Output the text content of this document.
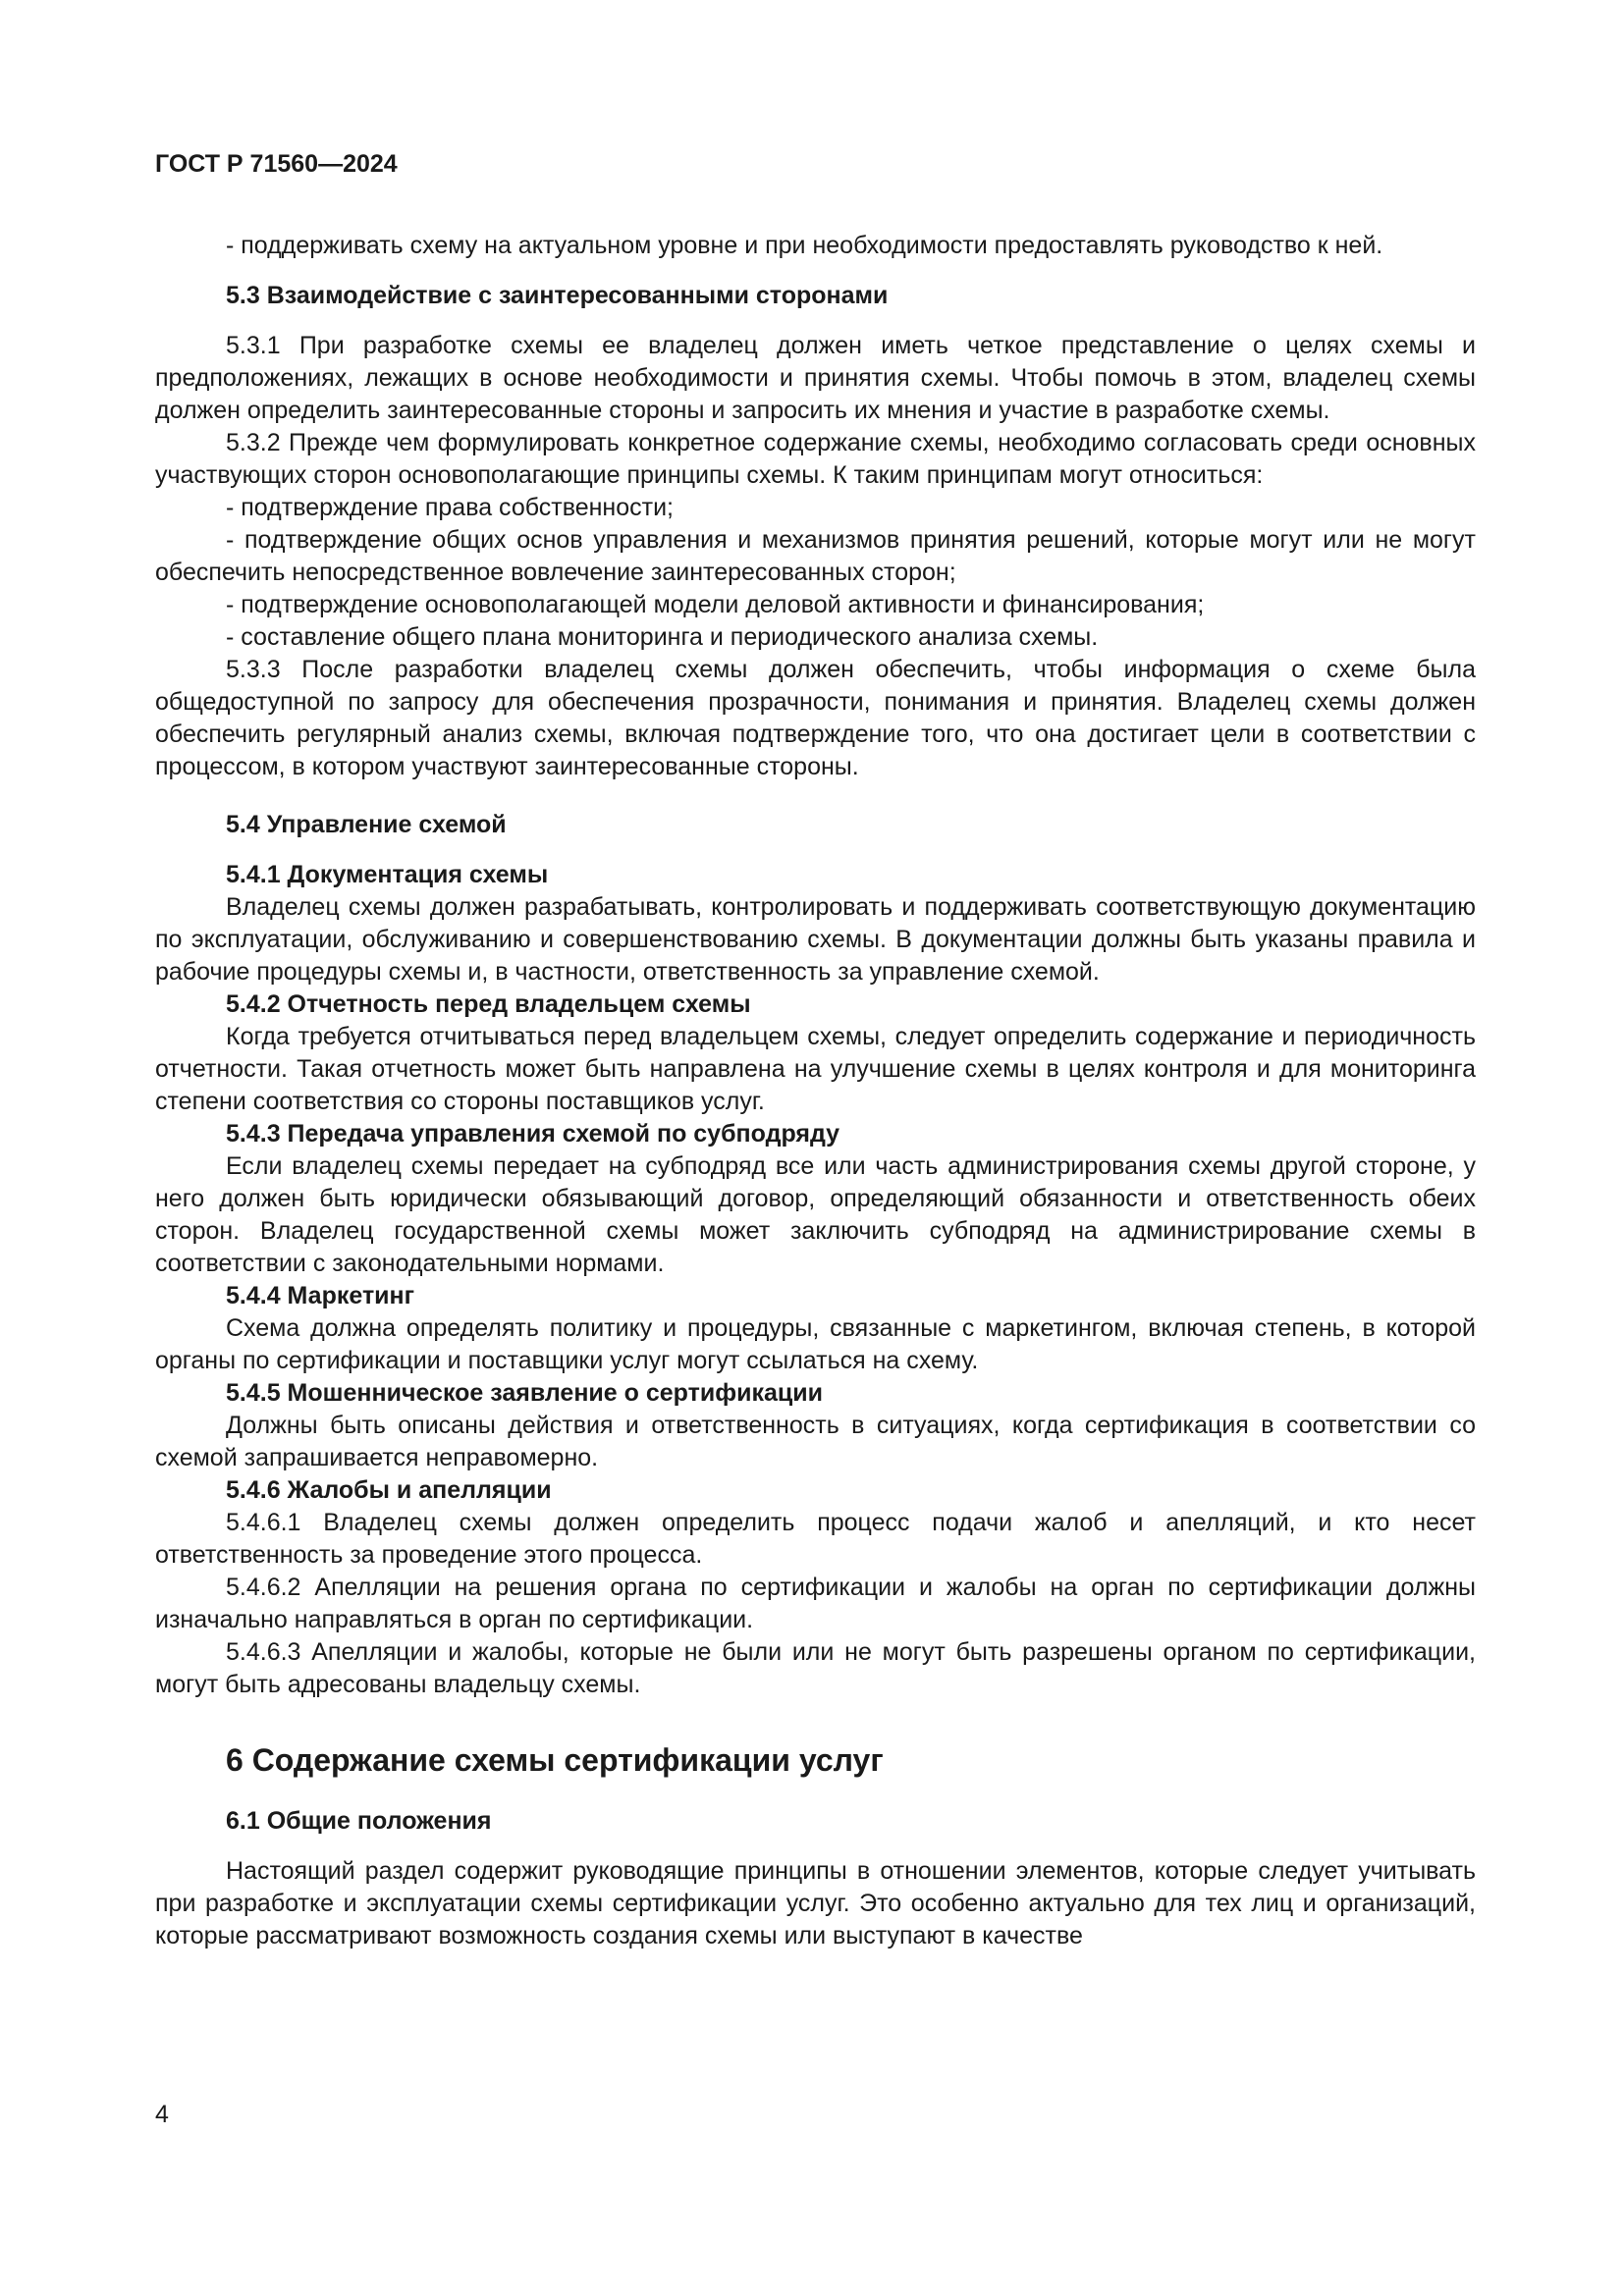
ГОСТ Р 71560—2024

- поддерживать схему на актуальном уровне и при необходимости предоставлять руководство к ней.

5.3 Взаимодействие с заинтересованными сторонами

5.3.1 При разработке схемы ее владелец должен иметь четкое представление о целях схемы и предположениях, лежащих в основе необходимости и принятия схемы. Чтобы помочь в этом, владелец схемы должен определить заинтересованные стороны и запросить их мнения и участие в разработке схемы.

5.3.2 Прежде чем формулировать конкретное содержание схемы, необходимо согласовать среди основных участвующих сторон основополагающие принципы схемы. К таким принципам могут относиться:

- подтверждение права собственности;

- подтверждение общих основ управления и механизмов принятия решений, которые могут или не могут обеспечить непосредственное вовлечение заинтересованных сторон;

- подтверждение основополагающей модели деловой активности и финансирования;

- составление общего плана мониторинга и периодического анализа схемы.

5.3.3 После разработки владелец схемы должен обеспечить, чтобы информация о схеме была общедоступной по запросу для обеспечения прозрачности, понимания и принятия. Владелец схемы должен обеспечить регулярный анализ схемы, включая подтверждение того, что она достигает цели в соответствии с процессом, в котором участвуют заинтересованные стороны.

5.4 Управление схемой
5.4.1 Документация схемы

Владелец схемы должен разрабатывать, контролировать и поддерживать соответствующую документацию по эксплуатации, обслуживанию и совершенствованию схемы. В документации должны быть указаны правила и рабочие процедуры схемы и, в частности, ответственность за управление схемой.

5.4.2 Отчетность перед владельцем схемы

Когда требуется отчитываться перед владельцем схемы, следует определить содержание и периодичность отчетности. Такая отчетность может быть направлена на улучшение схемы в целях контроля и для мониторинга степени соответствия со стороны поставщиков услуг.

5.4.3 Передача управления схемой по субподряду

Если владелец схемы передает на субподряд все или часть администрирования схемы другой стороне, у него должен быть юридически обязывающий договор, определяющий обязанности и ответственность обеих сторон. Владелец государственной схемы может заключить субподряд на администрирование схемы в соответствии с законодательными нормами.

5.4.4 Маркетинг

Схема должна определять политику и процедуры, связанные с маркетингом, включая степень, в которой органы по сертификации и поставщики услуг могут ссылаться на схему.

5.4.5 Мошенническое заявление о сертификации

Должны быть описаны действия и ответственность в ситуациях, когда сертификация в соответствии со схемой запрашивается неправомерно.

5.4.6 Жалобы и апелляции

5.4.6.1 Владелец схемы должен определить процесс подачи жалоб и апелляций, и кто несет ответственность за проведение этого процесса.

5.4.6.2 Апелляции на решения органа по сертификации и жалобы на орган по сертификации должны изначально направляться в орган по сертификации.

5.4.6.3 Апелляции и жалобы, которые не были или не могут быть разрешены органом по сертификации, могут быть адресованы владельцу схемы.

6 Содержание схемы сертификации услуг
6.1 Общие положения

Настоящий раздел содержит руководящие принципы в отношении элементов, которые следует учитывать при разработке и эксплуатации схемы сертификации услуг. Это особенно актуально для тех лиц и организаций, которые рассматривают возможность создания схемы или выступают в качестве

4
